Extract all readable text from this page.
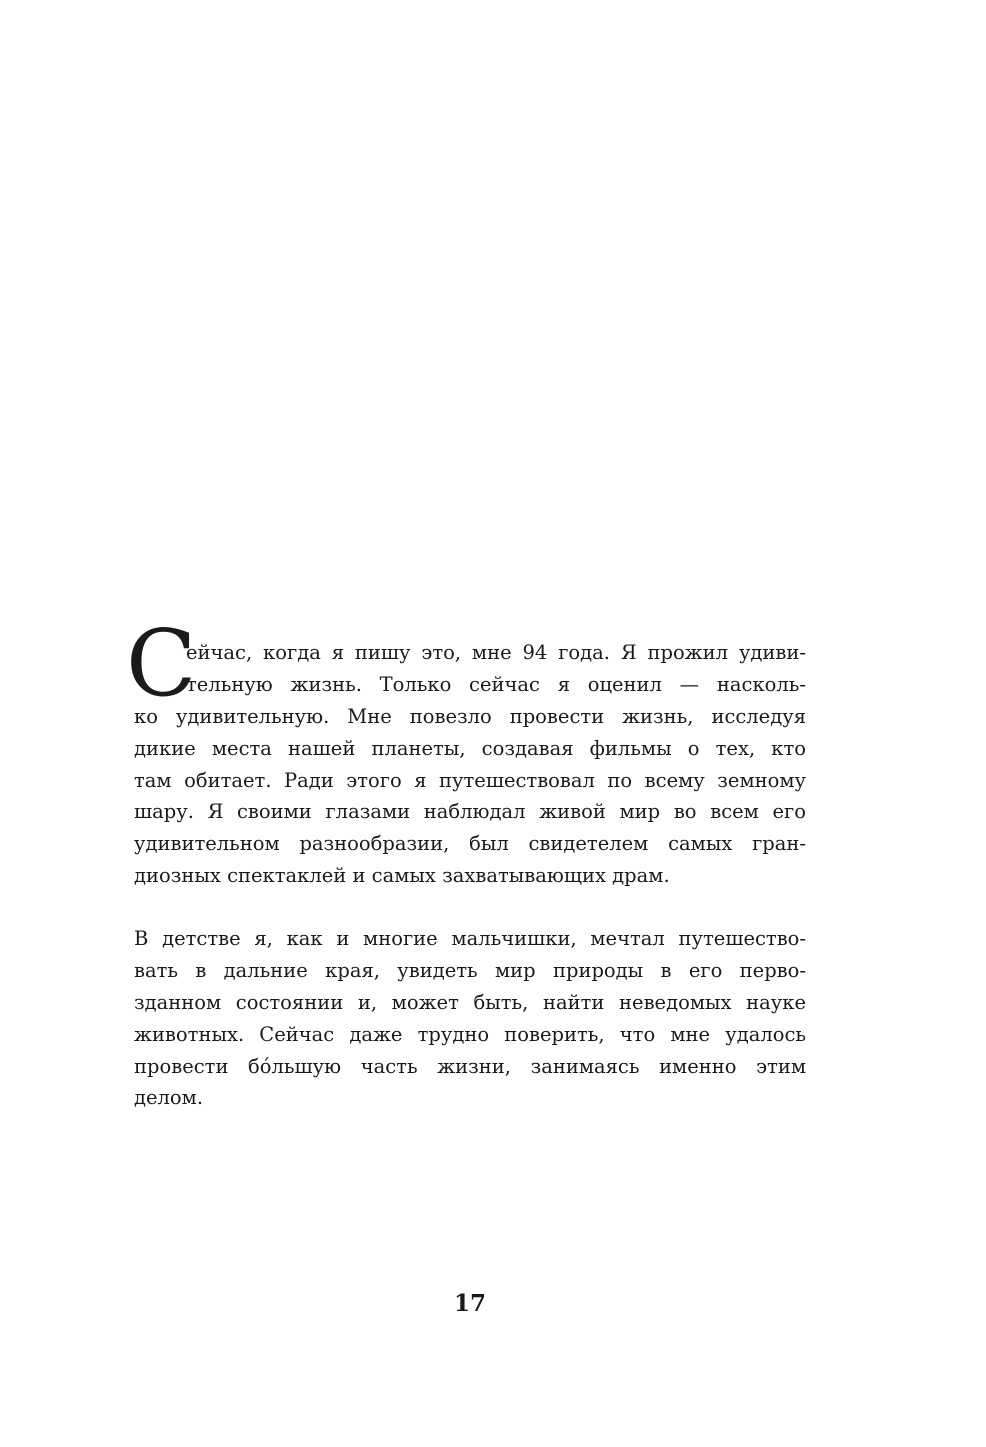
С
ейчас, когда я пишу это, мне 94 года. Я прожил удиви-
тельную жизнь. Только сейчас я оценил — насколь-
ко удивительную. Мне повезло провести жизнь, исследуя
дикие места нашей планеты, создавая фильмы о тех, кто
там обитает. Ради этого я путешествовал по всему земному
шару. Я своими глазами наблюдал живой мир во всем его
удивительном разнообразии, был свидетелем самых гран-
диозных спектаклей и самых захватывающих драм.
В детстве я, как и многие мальчишки, мечтал путешество-
вать в дальние края, увидеть мир природы в его перво-
зданном состоянии и, может быть, найти неведомых науке
животных. Сейчас даже трудно поверить, что мне удалось
провести бóльшую часть жизни, занимаясь именно этим
делом.
17
